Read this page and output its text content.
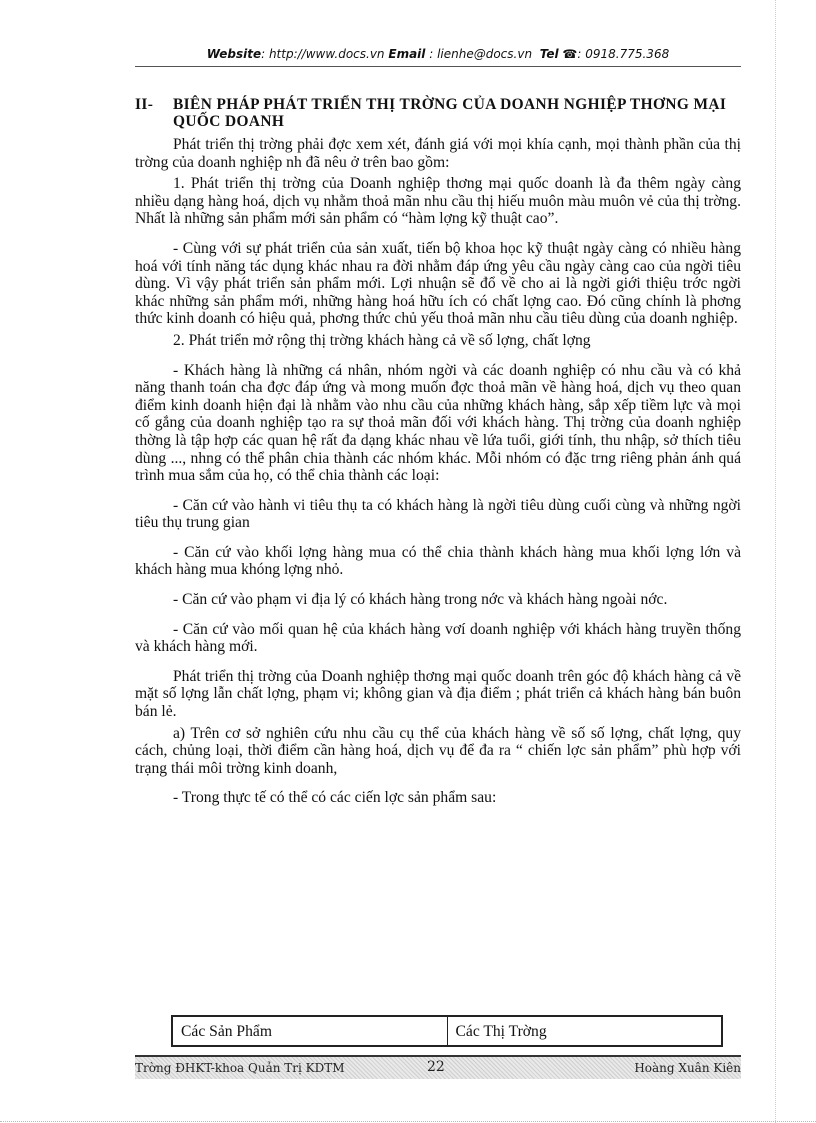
Website: http://www.docs.vn Email : lienhe@docs.vn Tel ☎: 0918.775.368
II-	BIÊN PHÁP PHÁT TRIỂN THỊ TRỜNG CỦA DOANH NGHIỆP THƠNG MẠI QUỐC DOANH

Phát triển thị trờng phải đợc xem xét, đánh giá với mọi khía cạnh, mọi thành phần của thị trờng của doanh nghiệp nh đã nêu ở trên bao gồm:

1. Phát triển thị trờng của Doanh nghiệp thơng mại quốc doanh là đa thêm ngày càng nhiều dạng hàng hoá, dịch vụ nhằm thoả mãn nhu cầu thị hiếu muôn màu muôn vẻ của thị trờng. Nhất là những sản phẩm mới sản phẩm có “hàm lợng kỹ thuật cao”.

- Cùng với sự phát triển của sản xuất, tiến bộ khoa học kỹ thuật ngày càng có nhiều hàng hoá với tính năng tác dụng khác nhau ra đời nhằm đáp ứng yêu cầu ngày càng cao của ngời tiêu dùng. Vì vậy phát triển sản phẩm mới. Lợi nhuận sẽ đổ về cho ai là ngời giới thiệu trớc ngời khác những sản phẩm mới, những hàng hoá hữu ích có chất lợng cao. Đó cũng chính là phơng thức kinh doanh có hiệu quả, phơng thức chủ yếu thoả mãn nhu cầu tiêu dùng của doanh nghiệp.

2. Phát triển mở rộng thị trờng khách hàng cả về số lợng, chất lợng

- Khách hàng là những cá nhân, nhóm ngời và các doanh nghiệp có nhu cầu và có khả năng thanh toán cha đợc đáp ứng và mong muốn đợc thoả mãn về hàng hoá, dịch vụ theo quan điểm kinh doanh hiện đại là nhằm vào nhu cầu của những khách hàng, sắp xếp tiềm lực và mọi cố gắng của doanh nghiệp tạo ra sự thoả mãn đối với khách hàng. Thị trờng của doanh nghiệp thờng là tập hợp các quan hệ rất đa dạng khác nhau về lứa tuổi, giới tính, thu nhập, sở thích tiêu dùng ..., nhng có thể phân chia thành các nhóm khác. Mỗi nhóm có đặc trng riêng phản ánh quá trình mua sắm của họ, có thể chia thành các loại:

- Căn cứ vào hành vi tiêu thụ ta có khách hàng là ngời tiêu dùng cuối cùng và những ngời tiêu thụ trung gian

- Căn cứ vào khối lợng hàng mua có thể chia thành khách hàng mua khối lợng lớn và khách hàng mua khóng lợng nhỏ.

- Căn cứ vào phạm vi địa lý có khách hàng trong nớc và khách hàng ngoài nớc.

- Căn cứ vào mối quan hệ của khách hàng vơí doanh nghiệp với khách hàng truyền thống và khách hàng mới.

Phát triển thị trờng của Doanh nghiệp thơng mại quốc doanh trên góc độ khách hàng cả về mặt số lợng lẫn chất lợng, phạm vi; không gian và địa điểm ; phát triển cả khách hàng bán buôn bán lẻ.

a) Trên cơ sở nghiên cứu nhu cầu cụ thể của khách hàng về số số lợng, chất lợng, quy cách, chủng loại, thời điểm cần hàng hoá, dịch vụ để đa ra “ chiến lợc sản phẩm” phù hợp với trạng thái môi trờng kinh doanh,

- Trong thực tế có thể có các ciến lợc sản phẩm sau:

Các Sản Phẩm	Các Thị Trờng
Trờng ĐHKT-khoa Quản Trị KDTM	22	Hoàng Xuân Kiên
